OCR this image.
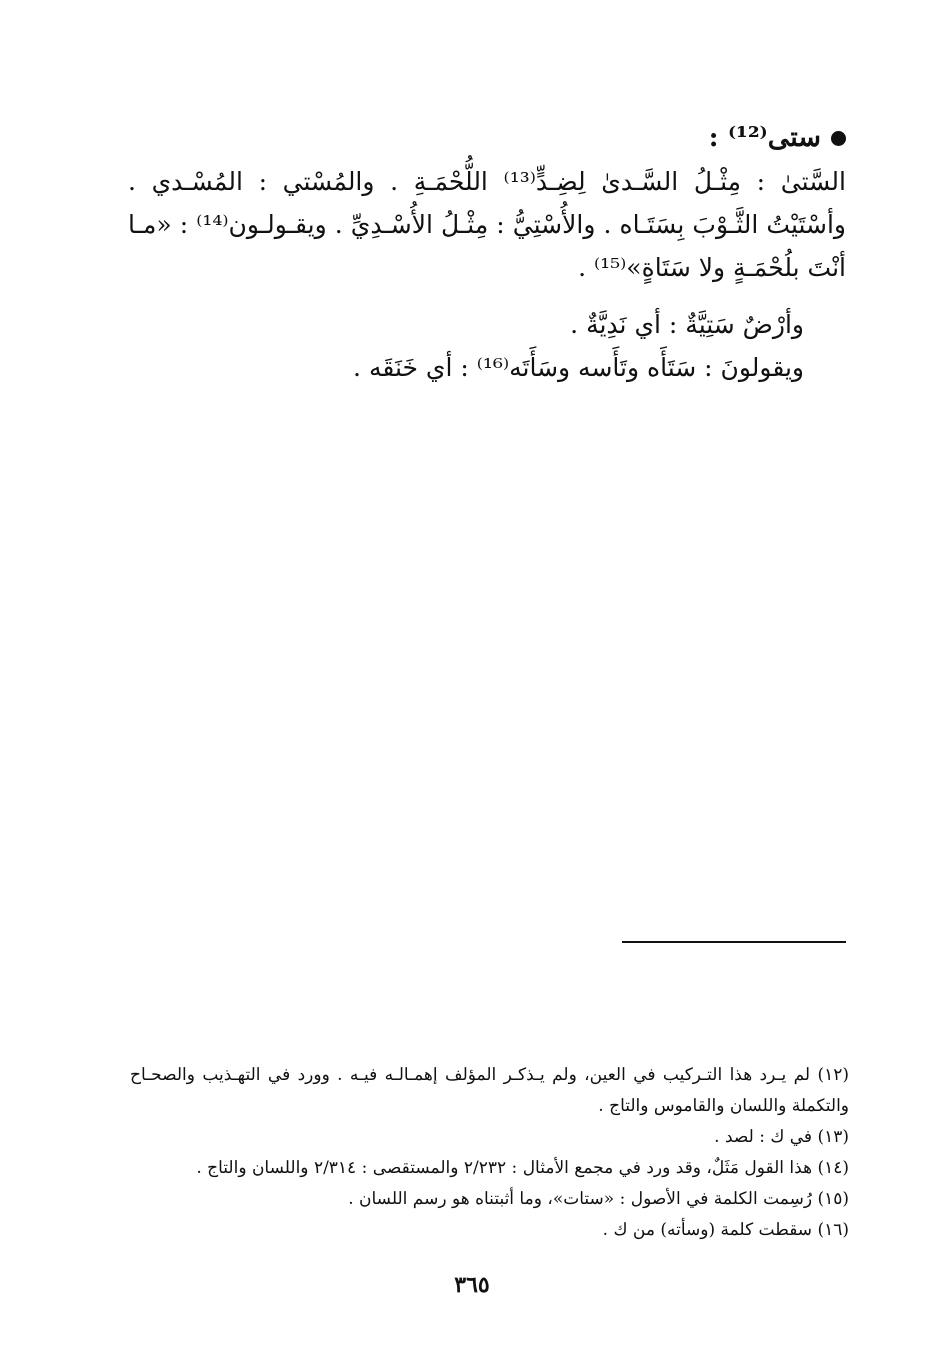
ستى⁽¹²⁾ :

السَّتىٰ : مِثْـلُ السَّـدىٰ لِضِـدٍّ⁽¹³⁾ اللُّحْمَـةِ . والمُسْتي : المُسْـدي . وأسْتَيْتُ الثَّـوْبَ بِسَتَـاه . والأُسْتِيُّ : مِثْـلُ الأُسْـدِيِّ . ويقـولـون⁽¹⁴⁾ : «مـا أنْتَ بلُحْمَـةٍ ولا سَتَاةٍ»⁽¹⁵⁾ .

وأرْضٌ سَتِيَّةٌ : أي نَدِيَّةٌ .

ويقولونَ : سَتَأَه وتَأَسه وسَأَتَه⁽¹⁶⁾ : أي خَنَقَه .

(١٢) لم يـرد هذا التـركيب في العين، ولم يـذكـر المؤلف إهمـالـه فيـه . وورد في التهـذيب والصحـاح والتكملة واللسان والقاموس والتاج .

(١٣) في ك : لصد .

(١٤) هذا القول مَثَلٌ، وقد ورد في مجمع الأمثال : ٢/٢٣٢ والمستقصى : ٢/٣١٤ واللسان والتاج .

(١٥) رُسِمت الكلمة في الأصول : «ستات»، وما أثبتناه هو رسم اللسان .

(١٦) سقطت كلمة (وسأته) من ك .

٣٦٥
